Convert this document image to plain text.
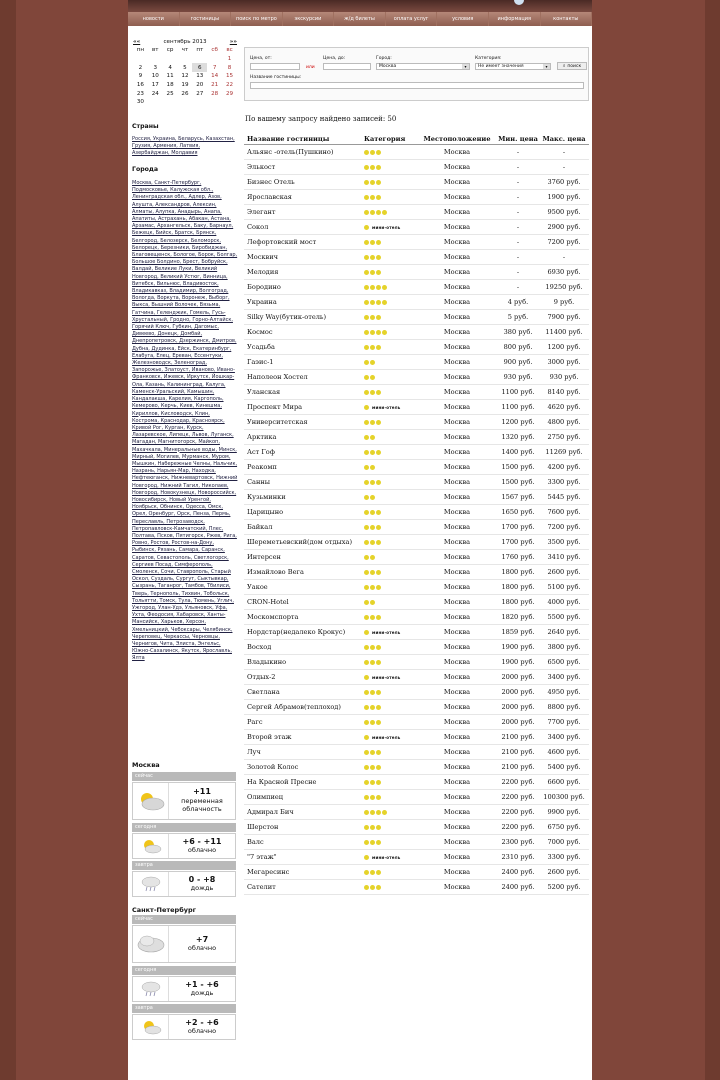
новости	гостиницы	поиск по метро	экскурсии	ж/д билеты	оплата услуг	условия	информация	контакты
««	сентябрь 2013	»»
пн	вт	ср	чт	пт	сб	вс
						1
2	3	4	5	6	7	8
9	10	11	12	13	14	15
16	17	18	19	20	21	22
23	24	25	26	27	28	29
30						
Страны
Россия, Украина, Беларусь, Казахстан, Грузия, Армения, Латвия, Азербайджан, Молдавия
Города
Москва, Санкт-Петербург, Подмосковье, Калужская обл., Ленинградская обл., Адлер, Азов, Алушта, Александров, Алексин, Алматы, Алупка, Анадырь, Анапа, Апатиты, Астрахань, Абакан, Астана, Арзамас, Архангельск, Баку, Барнаул, Бежецк, Бийск, Братск, Брянск, Белгород, Белозерск, Беломорск, Белорецк, Березники, Биробиджан, Благовещенск, Бологое, Борок, Болгар, Большое Болдино, Брест, Бобруйск, Валдай, Великие Луки, Великий Новгород, Великий Устюг, Винница, Витебск, Вильнюс, Владивосток, Владикавказ, Владимир, Волгоград, Вологда, Воркута, Воронеж, Выборг, Выкса, Вышний Волочек, Вязьма, Гатчина, Геленджик, Гомель, Гусь-Хрустальный, Гродно, Горно-Алтайск, Горячий Ключ, Губкин, Дагомыс, Дивеево, Донецк, Домбай, Днепропетровск, Дзержинск, Дмитров, Дубна, Дудинка, Ейск, Екатеринбург, Елабуга, Елец, Ереван, Ессентуки, Железноводск, Зеленоград, Запорожье, Златоуст, Иваново, Ивано-Франковск, Ижевск, Иркутск, Йошкар-Ола, Казань, Калининград, Калуга, Каменск-Уральский, Камышин, Кандалакша, Карелия, Каргополь, Кемерово, Керчь, Киев, Кинешма, Кириллов, Кисловодск, Клин, Кострома, Краснодар, Красноярск, Кривой Рог, Курган, Курск, Лазаревское, Липецк, Львов, Луганск, Магадан, Магнитогорск, Майкоп, Махачкала, Минеральные воды, Минск, Мирный, Могилев, Мурманск, Муром, Мышкин, Набережные Челны, Нальчик, Назрань, Нарьян-Мар, Находка, Нефтеюганск, Нижневартовск, Нижний Новгород, Нижний Тагил, Николаев, Новгород, Новокузнецк, Новороссийск, Новосибирск, Новый Уренгой, Ноябрьск, Обнинск, Одесса, Омск, Орел, Оренбург, Орск, Пенза, Пермь, Переславль, Петрозаводск, Петропавловск-Камчатский, Плес, Полтава, Псков, Пятигорск, Ржев, Рига, Ровно, Ростов, Ростов-на-Дону, Рыбинск, Рязань, Самара, Саранск, Саратов, Севастополь, Светлогорск, Сергиев Посад, Симферополь, Смоленск, Сочи, Ставрополь, Старый Оскол, Суздаль, Сургут, Сыктывкар, Сызрань, Таганрог, Тамбов, Тбилиси, Тверь, Тернополь, Тихвин, Тобольск, Тольятти, Томск, Тула, Тюмень, Углич, Ужгород, Улан-Удэ, Ульяновск, Уфа, Ухта, Феодосия, Хабаровск, Ханты-Мансийск, Харьков, Херсон, Хмельницкий, Чебоксары, Челябинск, Череповец, Черкассы, Черновцы, Чернигов, Чита, Элиста, Энгельс, Южно-Сахалинск, Якутск, Ярославль, Ялта
Москва
сейчас
+11
переменная
облачность
сегодня
+6 - +11
облачно
завтра
0 - +8
дождь
Санкт-Петербург
сейчас
+7
облачно
сегодня
+1 - +6
дождь
завтра
+2 - +6
облачно
Цена, от:
или
Цена, до:	Город:
Москва	▾
Категория:
Не имеет значения	▾	⌕ поиск
Название гостиницы:
По вашему запросу найдено записей: 50
Название гостиницы	Категория	Местоположение	Мин. цена Макс. цена
Альянс -отель(Пушкино)	Москва	-	-
Элькост	Москва	-	-
Бизнес Отель	Москва	-	3760 руб.
Ярославская	Москва	-	1900 руб.
Элегант	Москва	-	9500 руб.
Сокол	мини-отель	Москва	-	2900 руб.
Лефортовский мост	Москва	-	7200 руб.
Москвич	Москва	-	-
Мелодия	Москва	-	6930 руб.
Бородино	Москва	-	19250 руб.
Украина	Москва	4 руб.	9 руб.
Silky Way(бутик-отель)	Москва	5 руб.	7900 руб.
Космос	Москва	380 руб.	11400 руб.
Усадьба	Москва	800 руб.	1200 руб.
Гаэис-1	Москва	900 руб.	3000 руб.
Наполеон Хостел	Москва	930 руб.	930 руб.
Уланская	Москва	1100 руб.	8140 руб.
Проспект Мира	мини-отель	Москва	1100 руб.	4620 руб.
Университетская	Москва	1200 руб.	4800 руб.
Арктика	Москва	1320 руб.	2750 руб.
Аст Гоф	Москва	1400 руб.	11269 руб.
Реакомп	Москва	1500 руб.	4200 руб.
Санны	Москва	1500 руб.	3300 руб.
Кузьминки	Москва	1567 руб.	5445 руб.
Царицыно	Москва	1650 руб.	7600 руб.
Байкал	Москва	1700 руб.	7200 руб.
Шереметьевский(дом отдыха)	Москва	1700 руб.	3500 руб.
Интерсен	Москва	1760 руб.	3410 руб.
Измайлово Вега	Москва	1800 руб.	2600 руб.
Уакое	Москва	1800 руб.	5100 руб.
CRON-Hotel	Москва	1800 руб.	4000 руб.
Москомспорта	Москва	1820 руб.	5500 руб.
Нордстар(недалеко Крокус)	мини-отель	Москва	1859 руб.	2640 руб.
Восход	Москва	1900 руб.	3800 руб.
Владыкино	Москва	1900 руб.	6500 руб.
Отдых-2	мини-отель	Москва	2000 руб.	3400 руб.
Светлана	Москва	2000 руб.	4950 руб.
Сергей Абрамов(теплоход)	Москва	2000 руб.	8800 руб.
Рагс	Москва	2000 руб.	7700 руб.
Второй этаж	мини-отель	Москва	2100 руб.	3400 руб.
Луч	Москва	2100 руб.	4600 руб.
Золотой Колос	Москва	2100 руб.	5400 руб.
На Красной Пресне	Москва	2200 руб.	6600 руб.
Олимпиец	Москва	2200 руб.	100300 руб.
Адмирал Бич	Москва	2200 руб.	9900 руб.
Шерстон	Москва	2200 руб.	6750 руб.
Валс	Москва	2300 руб.	7000 руб.
"7 этаж"	мини-отель	Москва	2310 руб.	3300 руб.
Мегаресинс	Москва	2400 руб.	2600 руб.
Сателит	Москва	2400 руб.	5200 руб.
